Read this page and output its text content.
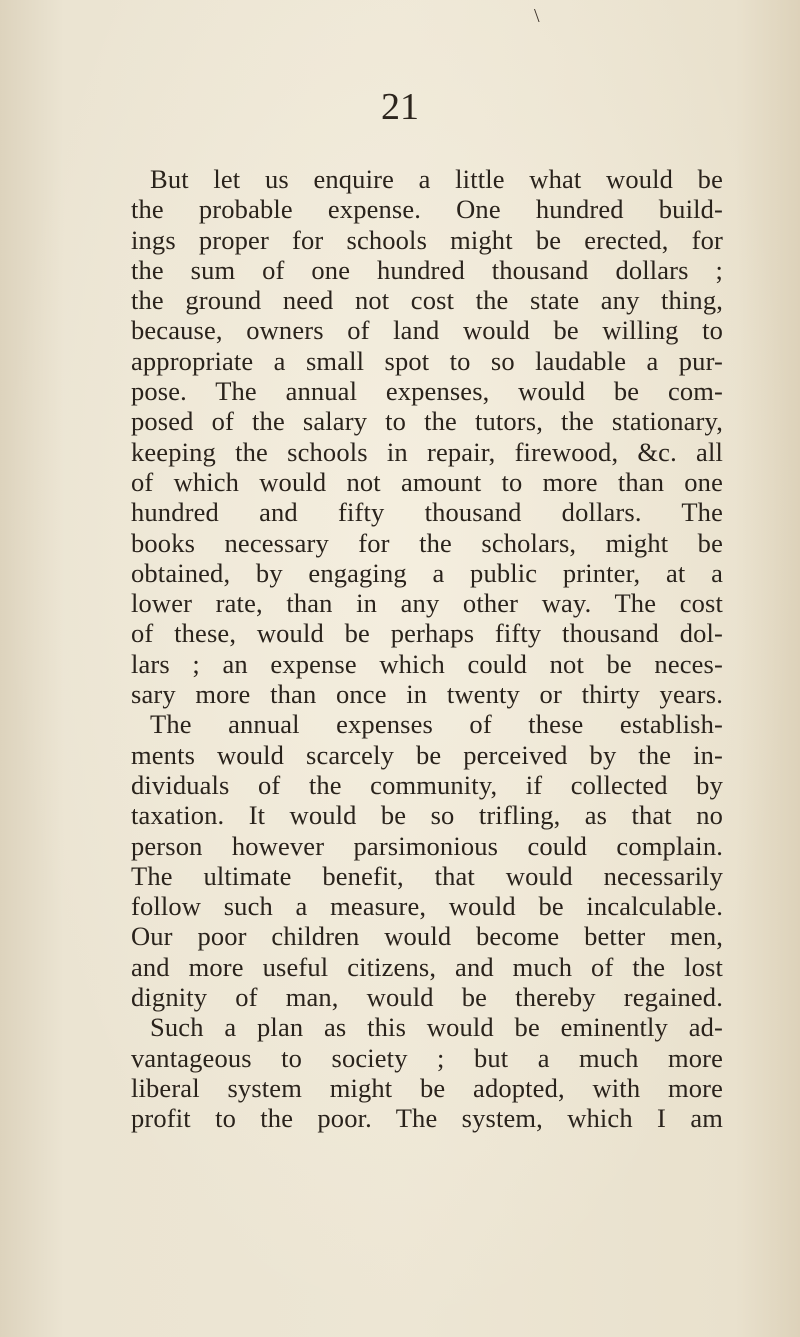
\
21
But let us enquire a little what would be
the probable expense. One hundred build-
ings proper for schools might be erected, for
the sum of one hundred thousand dollars ;
the ground need not cost the state any thing,
because, owners of land would be willing to
appropriate a small spot to so laudable a pur-
pose. The annual expenses, would be com-
posed of the salary to the tutors, the stationary,
keeping the schools in repair, firewood, &c. all
of which would not amount to more than one
hundred and fifty thousand dollars. The
books necessary for the scholars, might be
obtained, by engaging a public printer, at a
lower rate, than in any other way. The cost
of these, would be perhaps fifty thousand dol-
lars ; an expense which could not be neces-
sary more than once in twenty or thirty years.
The annual expenses of these establish-
ments would scarcely be perceived by the in-
dividuals of the community, if collected by
taxation. It would be so trifling, as that no
person however parsimonious could complain.
The ultimate benefit, that would necessarily
follow such a measure, would be incalculable.
Our poor children would become better men,
and more useful citizens, and much of the lost
dignity of man, would be thereby regained.
Such a plan as this would be eminently ad-
vantageous to society ; but a much more
liberal system might be adopted, with more
profit to the poor. The system, which I am
